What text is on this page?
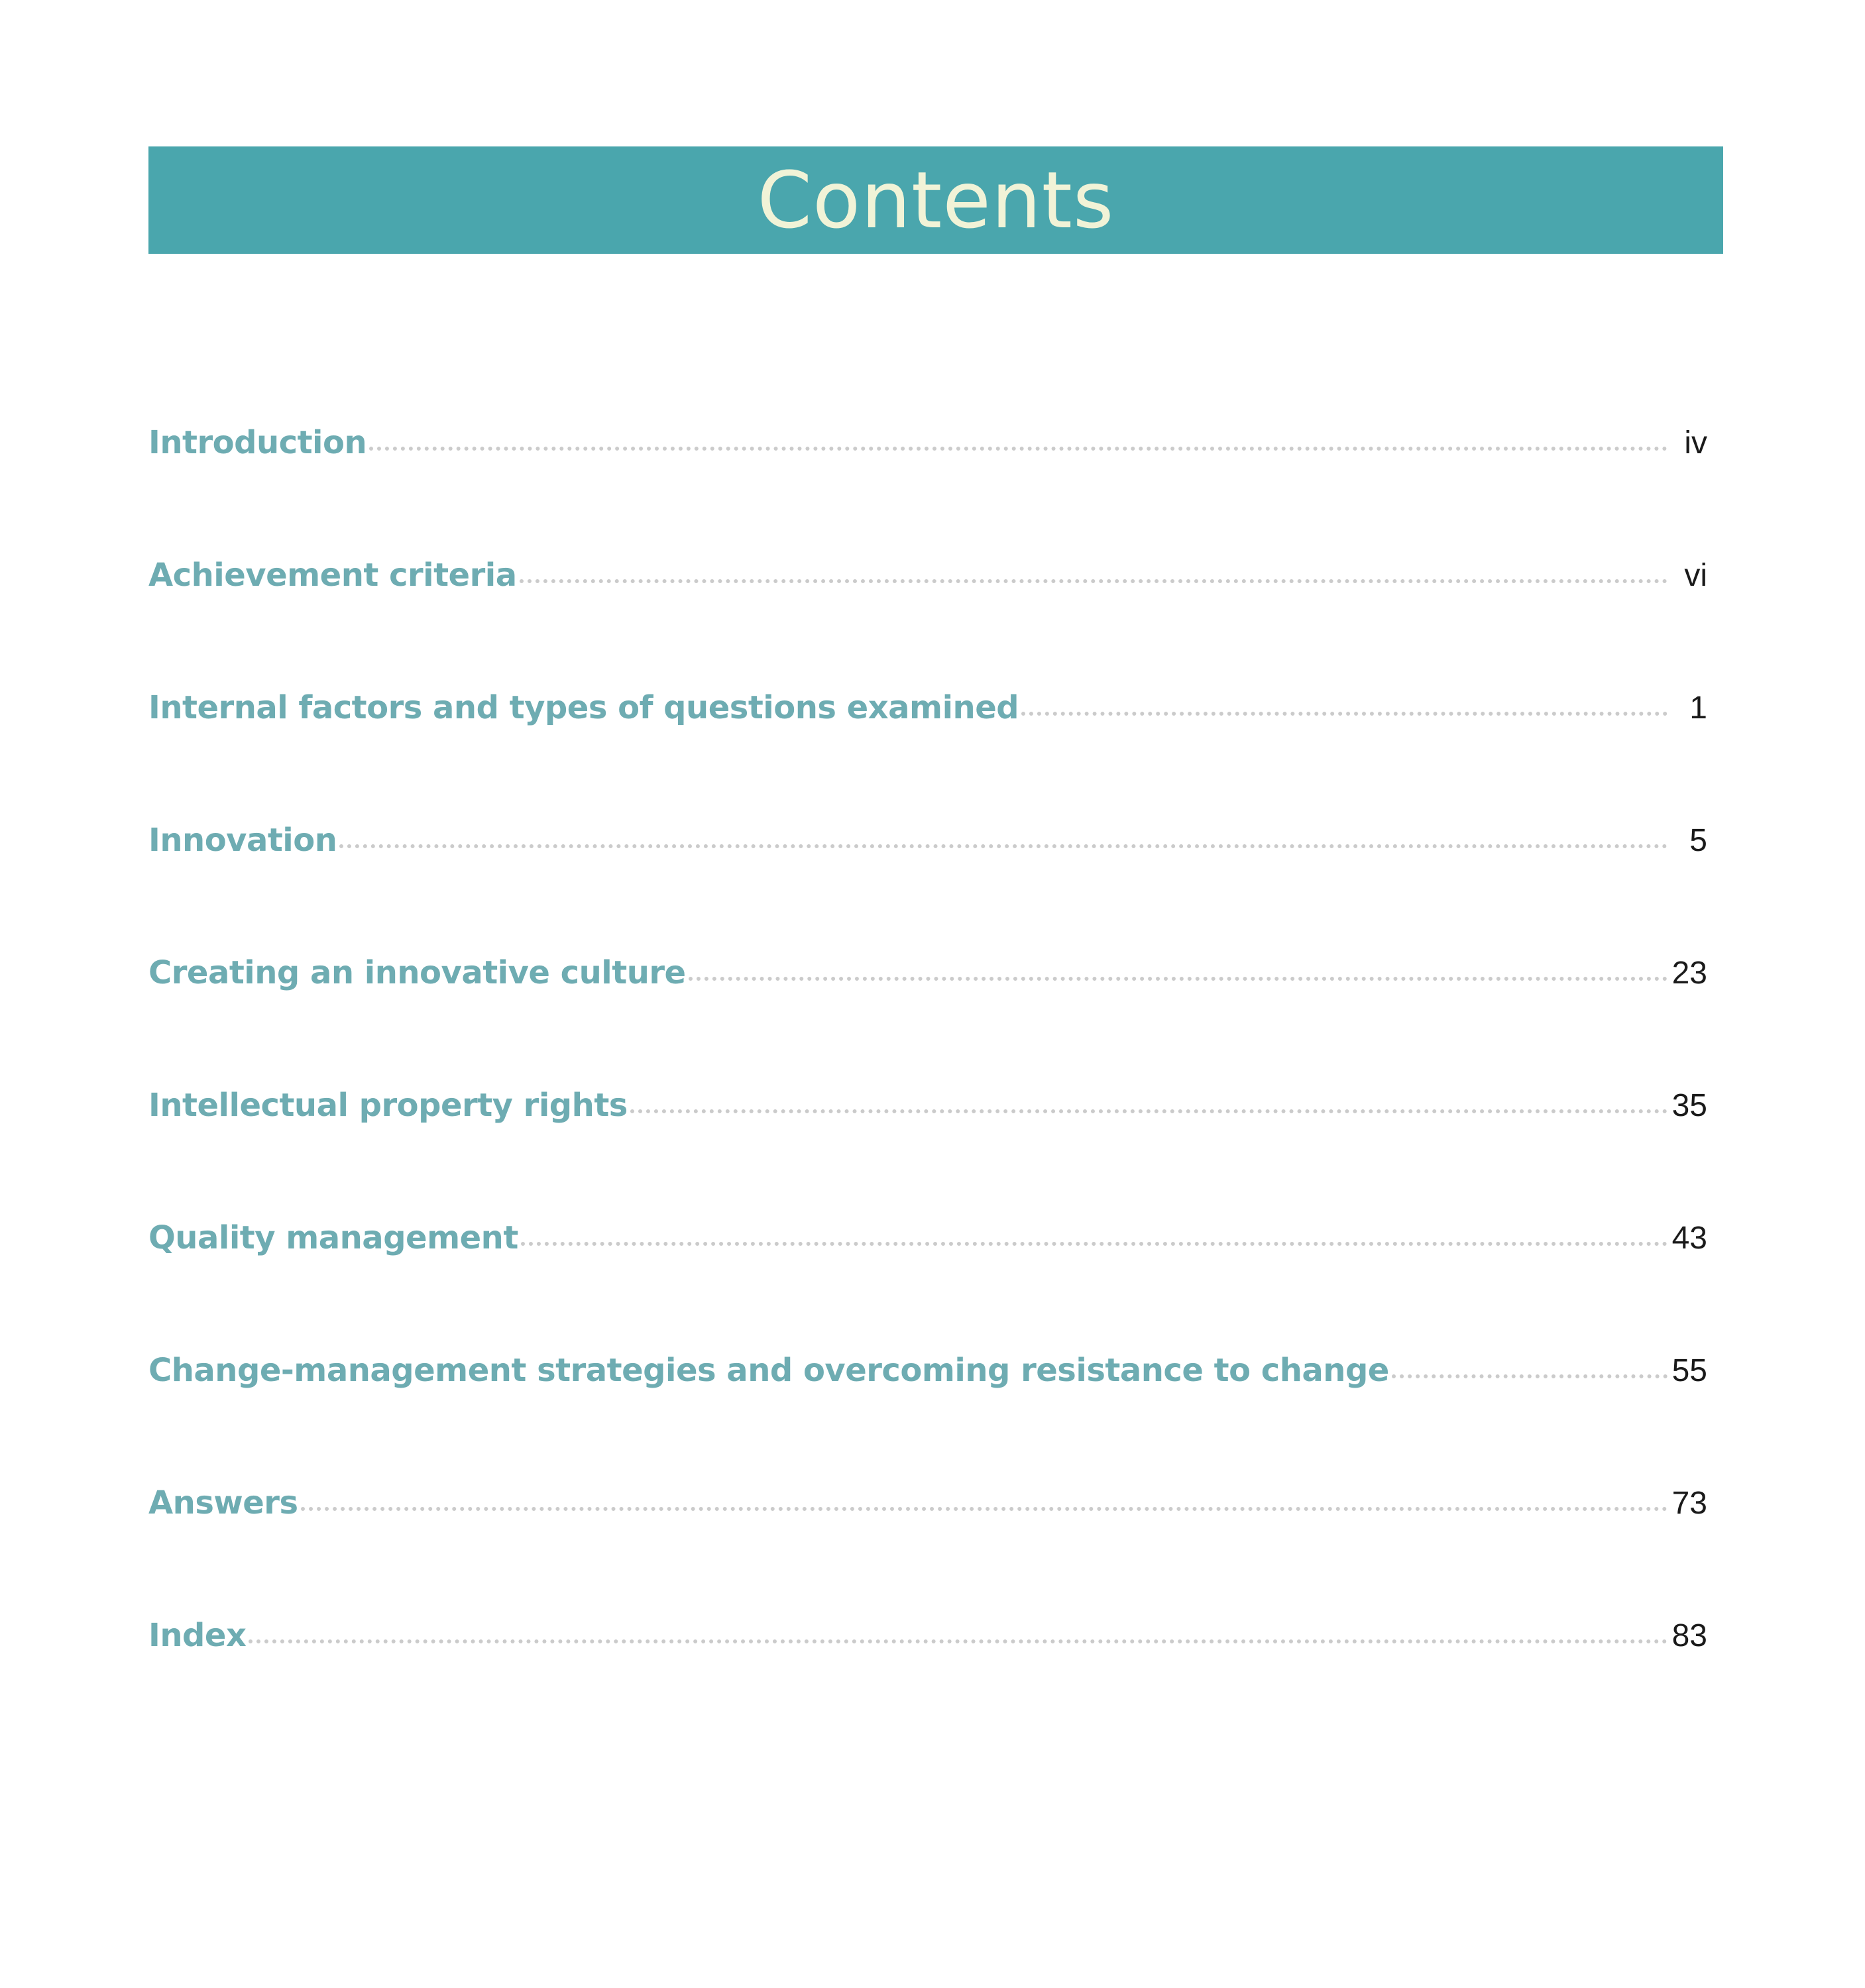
Contents
Introduction	iv
Achievement criteria	vi
Internal factors and types of questions examined	1
Innovation	5
Creating an innovative culture	23
Intellectual property rights	35
Quality management	43
Change-management strategies and overcoming resistance to change	55
Answers	73
Index	83
